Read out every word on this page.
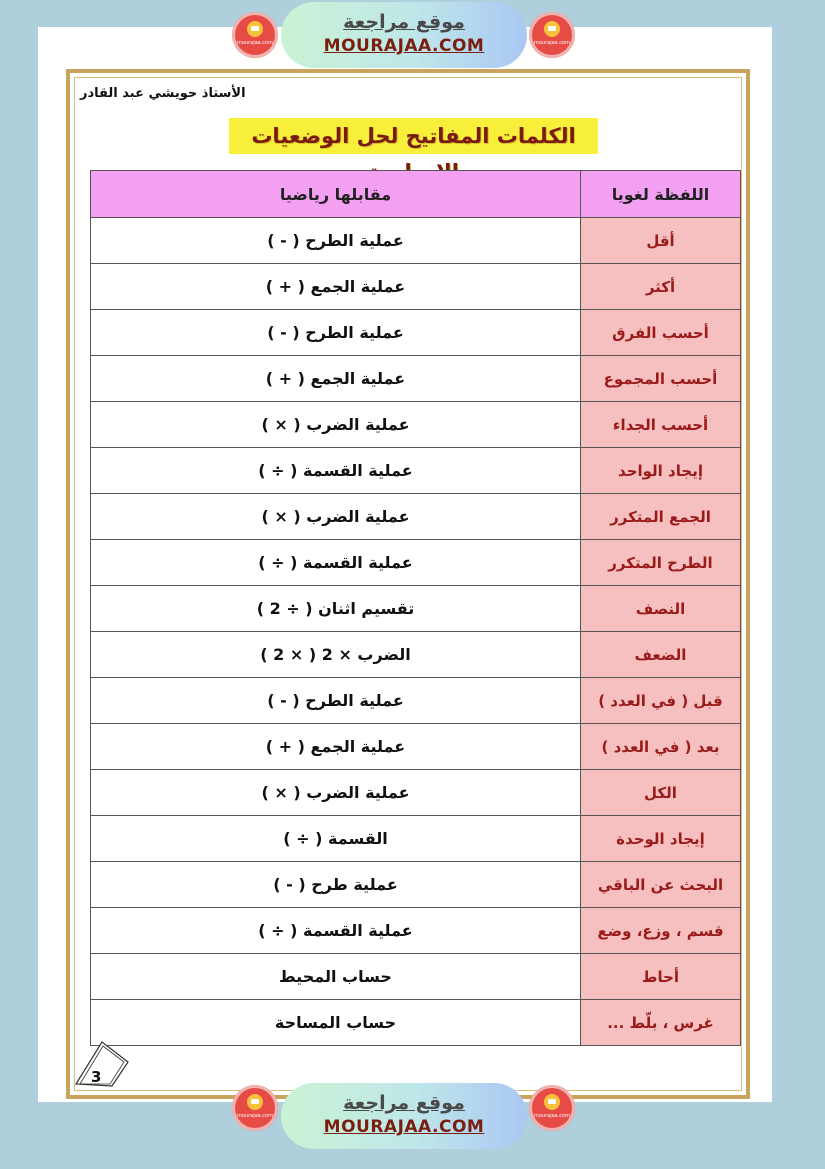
موقع مراجعة
MOURAJAA.COM
mourajaa.com	mourajaa.com
الأستاذ حويشي عبد القادر
الكلمات المفاتيح لحل الوضعيات
اللفظة لغويا	مقابلها رياضيا
أقل	عملية الطرح ( - )
أكثر	عملية الجمع ( + )
أحسب الفرق	عملية الطرح ( - )
أحسب المجموع	عملية الجمع ( + )
أحسب الجداء	عملية الضرب ( × )
إيجاد الواحد	عملية القسمة ( ÷ )
الجمع المتكرر	عملية الضرب ( × )
الطرح المتكرر	عملية القسمة ( ÷ )
النصف	تقسيم اثنان ( ÷ 2 )
الضعف	الضرب × 2 ( × 2 )
قبل ( في العدد )	عملية الطرح ( - )
بعد ( في العدد )	عملية الجمع ( + )
الكل	عملية الضرب ( × )
إيجاد الوحدة	القسمة ( ÷ )
البحث عن الباقي	عملية طرح ( - )
قسم ، وزع، وضع	عملية القسمة ( ÷ )
أحاط	حساب المحيط
غرس ، بلّط ...	حساب المساحة
3
موقع مراجعة
MOURAJAA.COM
mourajaa.com	mourajaa.com
